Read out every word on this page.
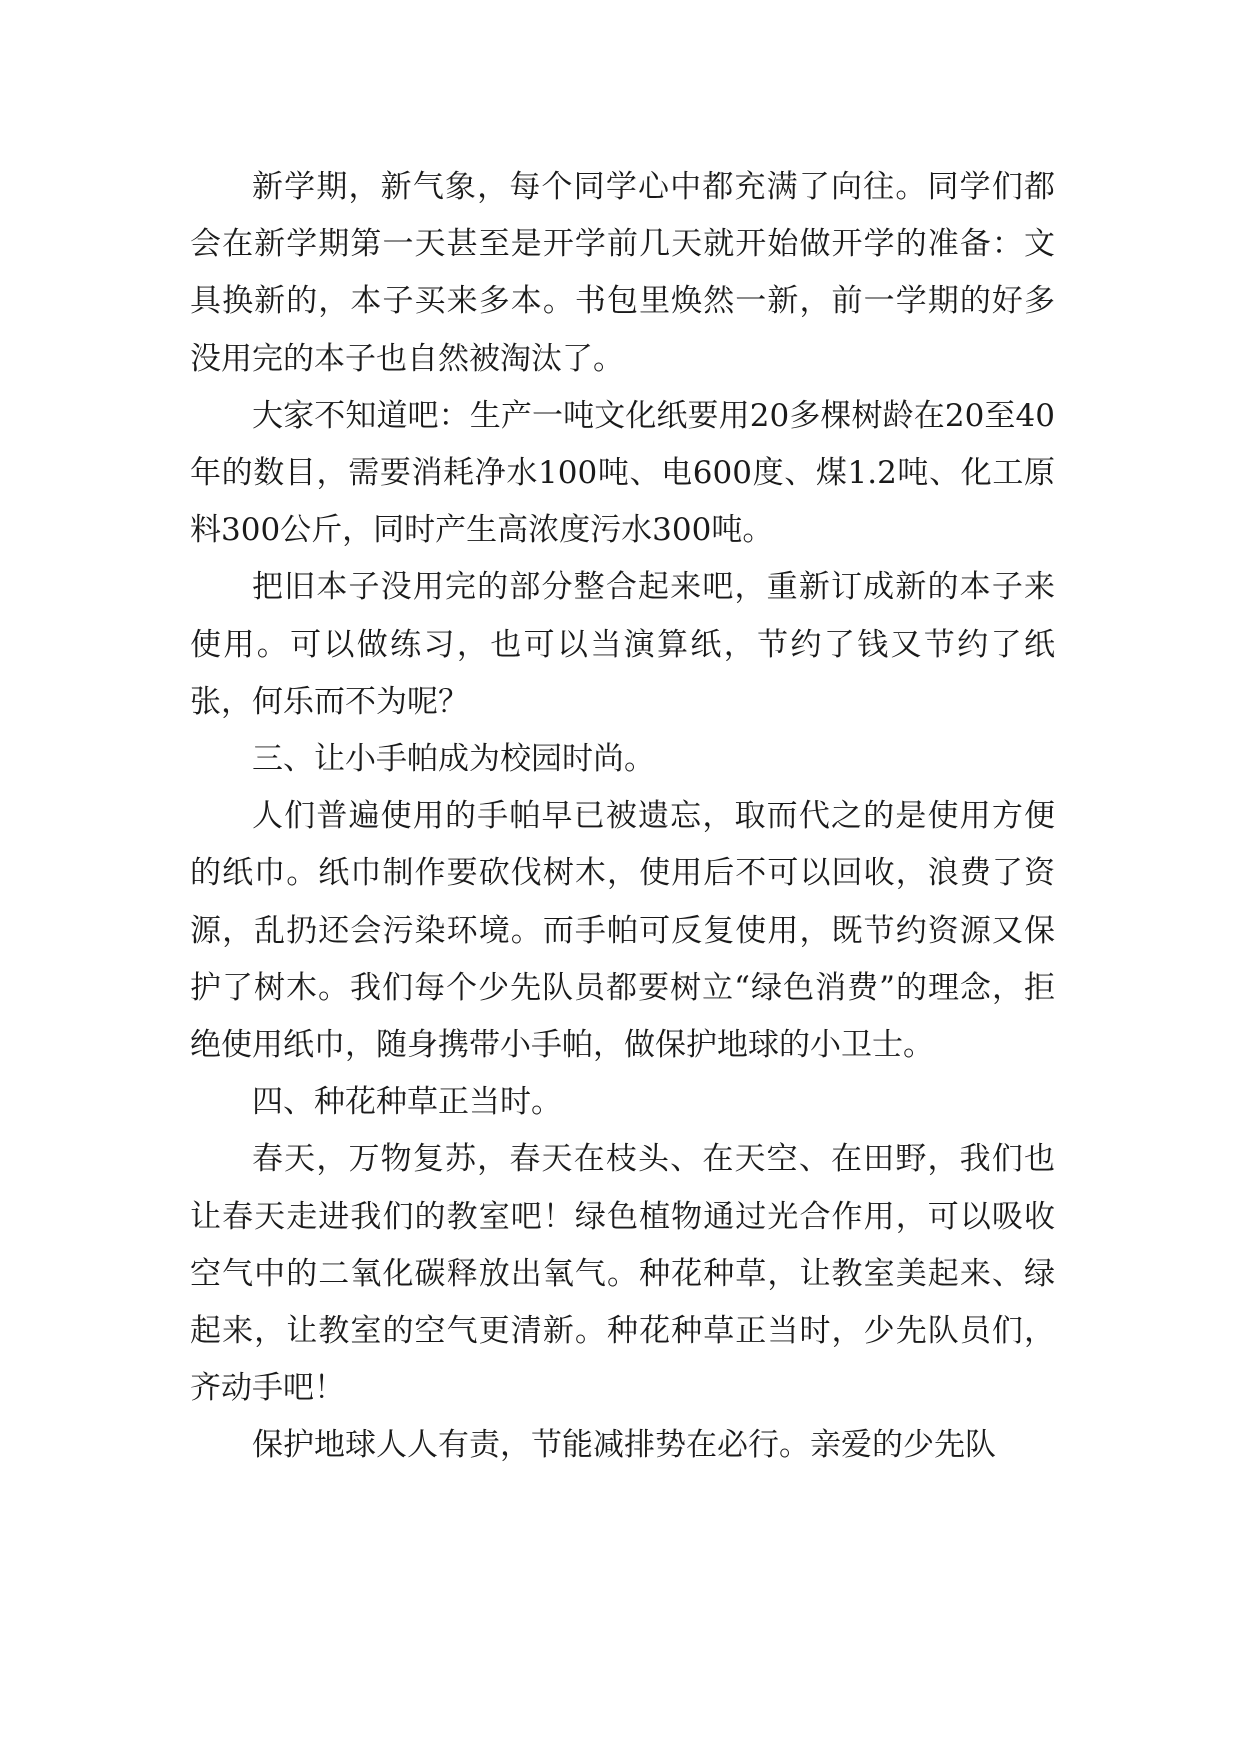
新学期，新气象，每个同学心中都充满了向往。同学们都会在新学期第一天甚至是开学前几天就开始做开学的准备：文具换新的，本子买来多本。书包里焕然一新，前一学期的好多没用完的本子也自然被淘汰了。

大家不知道吧：生产一吨文化纸要用20多棵树龄在20至40年的数目，需要消耗净水100吨、电600度、煤1.2吨、化工原料300公斤，同时产生高浓度污水300吨。

把旧本子没用完的部分整合起来吧，重新订成新的本子来使用。可以做练习，也可以当演算纸，节约了钱又节约了纸张，何乐而不为呢？

三、让小手帕成为校园时尚。

人们普遍使用的手帕早已被遗忘，取而代之的是使用方便的纸巾。纸巾制作要砍伐树木，使用后不可以回收，浪费了资源，乱扔还会污染环境。而手帕可反复使用，既节约资源又保护了树木。我们每个少先队员都要树立“绿色消费”的理念，拒绝使用纸巾，随身携带小手帕，做保护地球的小卫士。

四、种花种草正当时。

春天，万物复苏，春天在枝头、在天空、在田野，我们也让春天走进我们的教室吧！绿色植物通过光合作用，可以吸收空气中的二氧化碳释放出氧气。种花种草，让教室美起来、绿起来，让教室的空气更清新。种花种草正当时，少先队员们，齐动手吧！

保护地球人人有责，节能减排势在必行。亲爱的少先队
